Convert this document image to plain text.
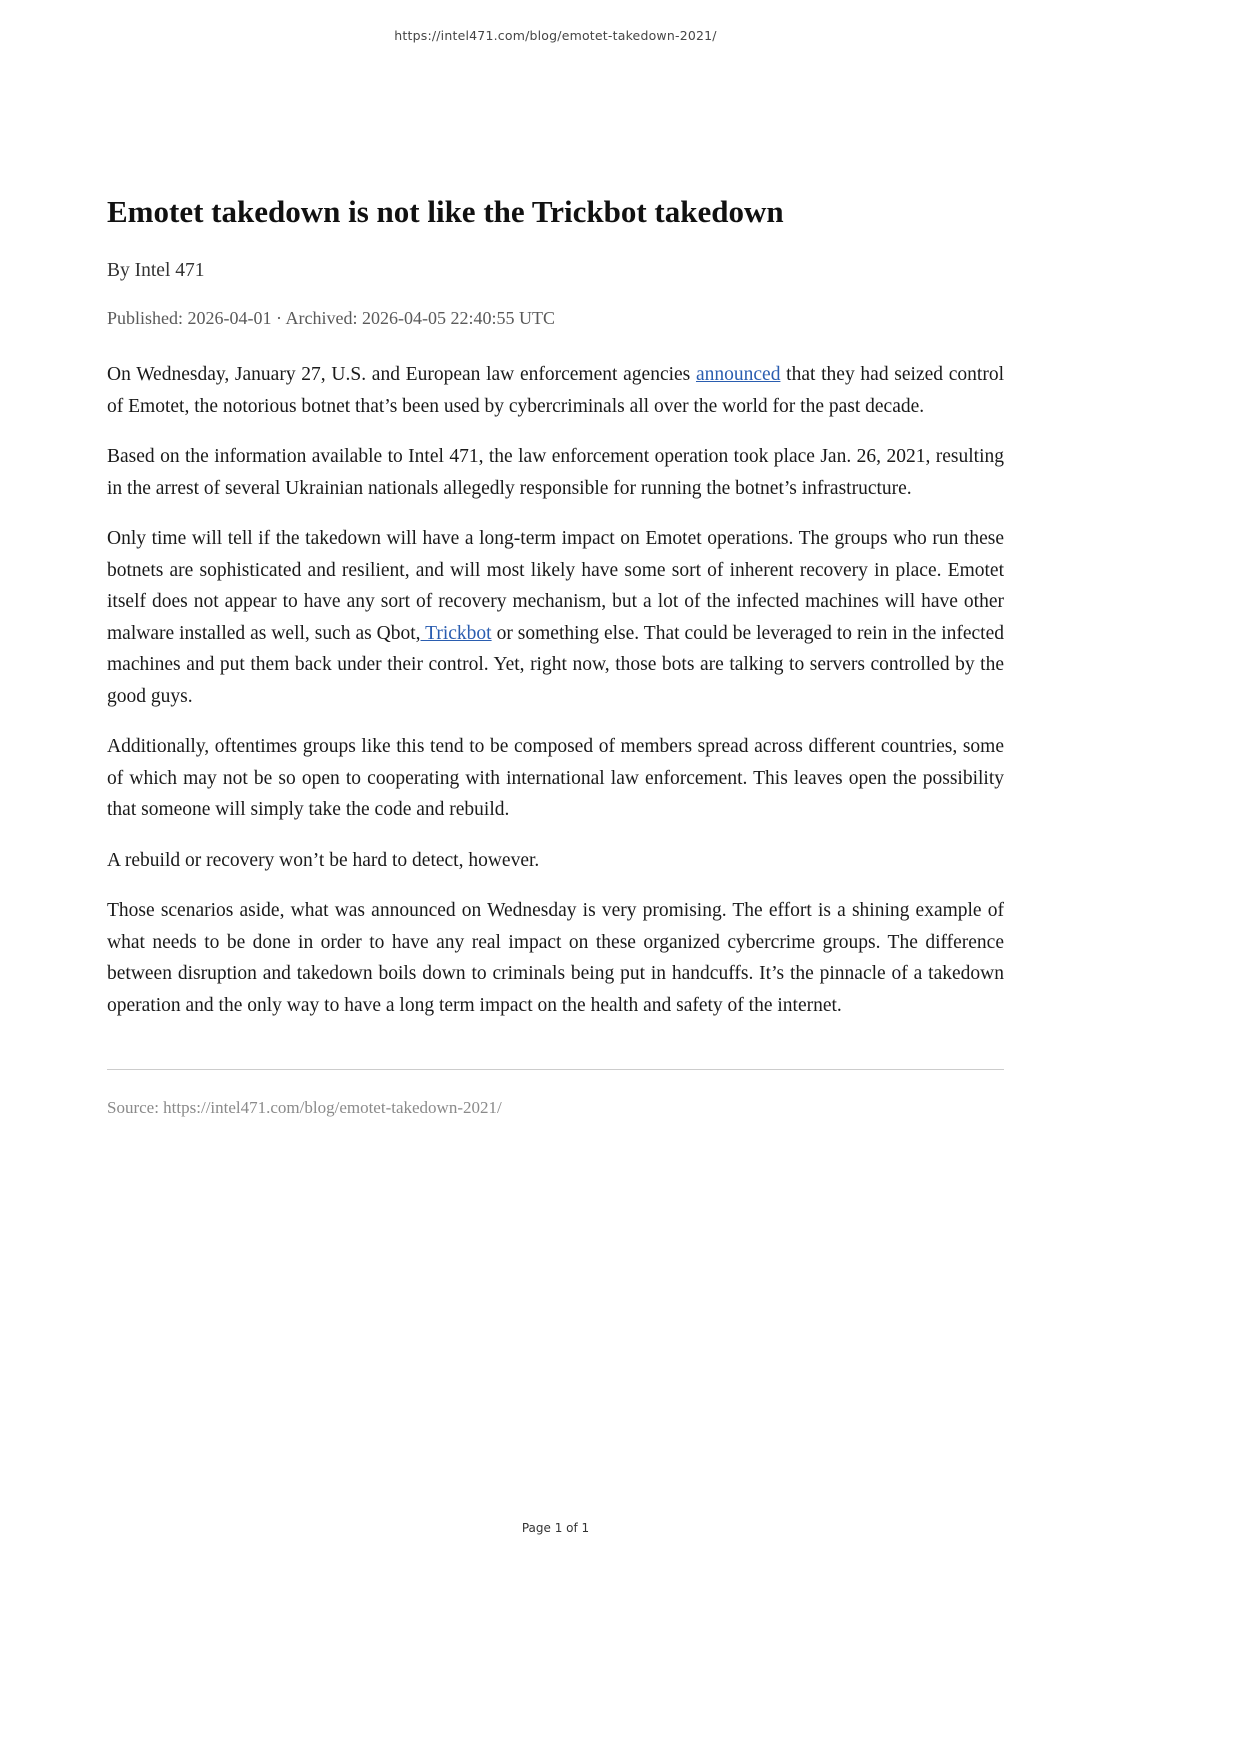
https://intel471.com/blog/emotet-takedown-2021/
Emotet takedown is not like the Trickbot takedown

By Intel 471

Published: 2026-04-01 · Archived: 2026-04-05 22:40:55 UTC

On Wednesday, January 27, U.S. and European law enforcement agencies announced that they had seized control of Emotet, the notorious botnet that’s been used by cybercriminals all over the world for the past decade.

Based on the information available to Intel 471, the law enforcement operation took place Jan. 26, 2021, resulting in the arrest of several Ukrainian nationals allegedly responsible for running the botnet’s infrastructure.

Only time will tell if the takedown will have a long-term impact on Emotet operations. The groups who run these botnets are sophisticated and resilient, and will most likely have some sort of inherent recovery in place. Emotet itself does not appear to have any sort of recovery mechanism, but a lot of the infected machines will have other malware installed as well, such as Qbot, Trickbot or something else. That could be leveraged to rein in the infected machines and put them back under their control. Yet, right now, those bots are talking to servers controlled by the good guys.

Additionally, oftentimes groups like this tend to be composed of members spread across different countries, some of which may not be so open to cooperating with international law enforcement. This leaves open the possibility that someone will simply take the code and rebuild.

A rebuild or recovery won’t be hard to detect, however.

Those scenarios aside, what was announced on Wednesday is very promising. The effort is a shining example of what needs to be done in order to have any real impact on these organized cybercrime groups. The difference between disruption and takedown boils down to criminals being put in handcuffs. It’s the pinnacle of a takedown operation and the only way to have a long term impact on the health and safety of the internet.

Source: https://intel471.com/blog/emotet-takedown-2021/

Page 1 of 1
